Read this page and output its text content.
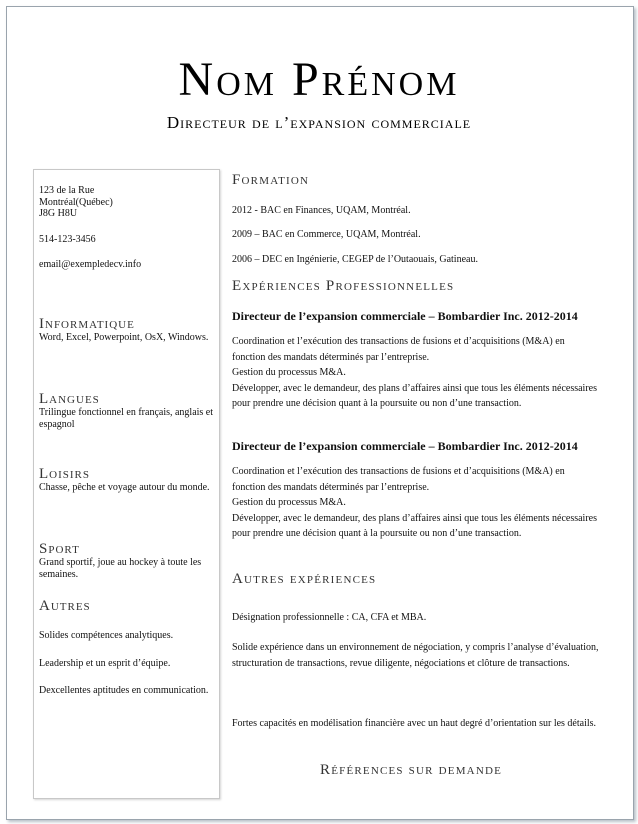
Nom Prénom
Directeur de l’expansion commerciale
123 de la Rue
Montréal(Québec)
J8G H8U
514-123-3456
email@exempledecv.info
Informatique
Word, Excel, Powerpoint, OsX, Windows.
Langues
Trilingue fonctionnel en français, anglais et espagnol
Loisirs
Chasse, pêche et voyage autour du monde.
Sport
Grand sportif, joue au hockey à toute les semaines.
Autres
Solides compétences analytiques.
Leadership et un esprit d’équipe.
Dexcellentes aptitudes en communication.
Formation
2012 - BAC en Finances, UQAM, Montréal.
2009 – BAC en Commerce, UQAM, Montréal.
2006 – DEC en Ingénierie, CEGEP de l’Outaouais, Gatineau.
Expériences Professionnelles
Directeur de l’expansion commerciale – Bombardier Inc. 2012-2014
Coordination et l’exécution des transactions de fusions et d’acquisitions (M&A) en fonction des mandats déterminés par l’entreprise.
Gestion du processus M&A.
Développer, avec le demandeur, des plans d’affaires ainsi que tous les éléments nécessaires pour prendre une décision quant à la poursuite ou non d’une transaction.
Directeur de l’expansion commerciale – Bombardier Inc. 2012-2014
Coordination et l’exécution des transactions de fusions et d’acquisitions (M&A) en fonction des mandats déterminés par l’entreprise.
Gestion du processus M&A.
Développer, avec le demandeur, des plans d’affaires ainsi que tous les éléments nécessaires pour prendre une décision quant à la poursuite ou non d’une transaction.
Autres expériences
Désignation professionnelle : CA, CFA et MBA.
Solide expérience dans un environnement de négociation, y compris l’analyse d’évaluation, structuration de transactions, revue diligente, négociations et clôture de transactions.
Fortes capacités en modélisation financière avec un haut degré d’orientation sur les détails.
Références sur demande
